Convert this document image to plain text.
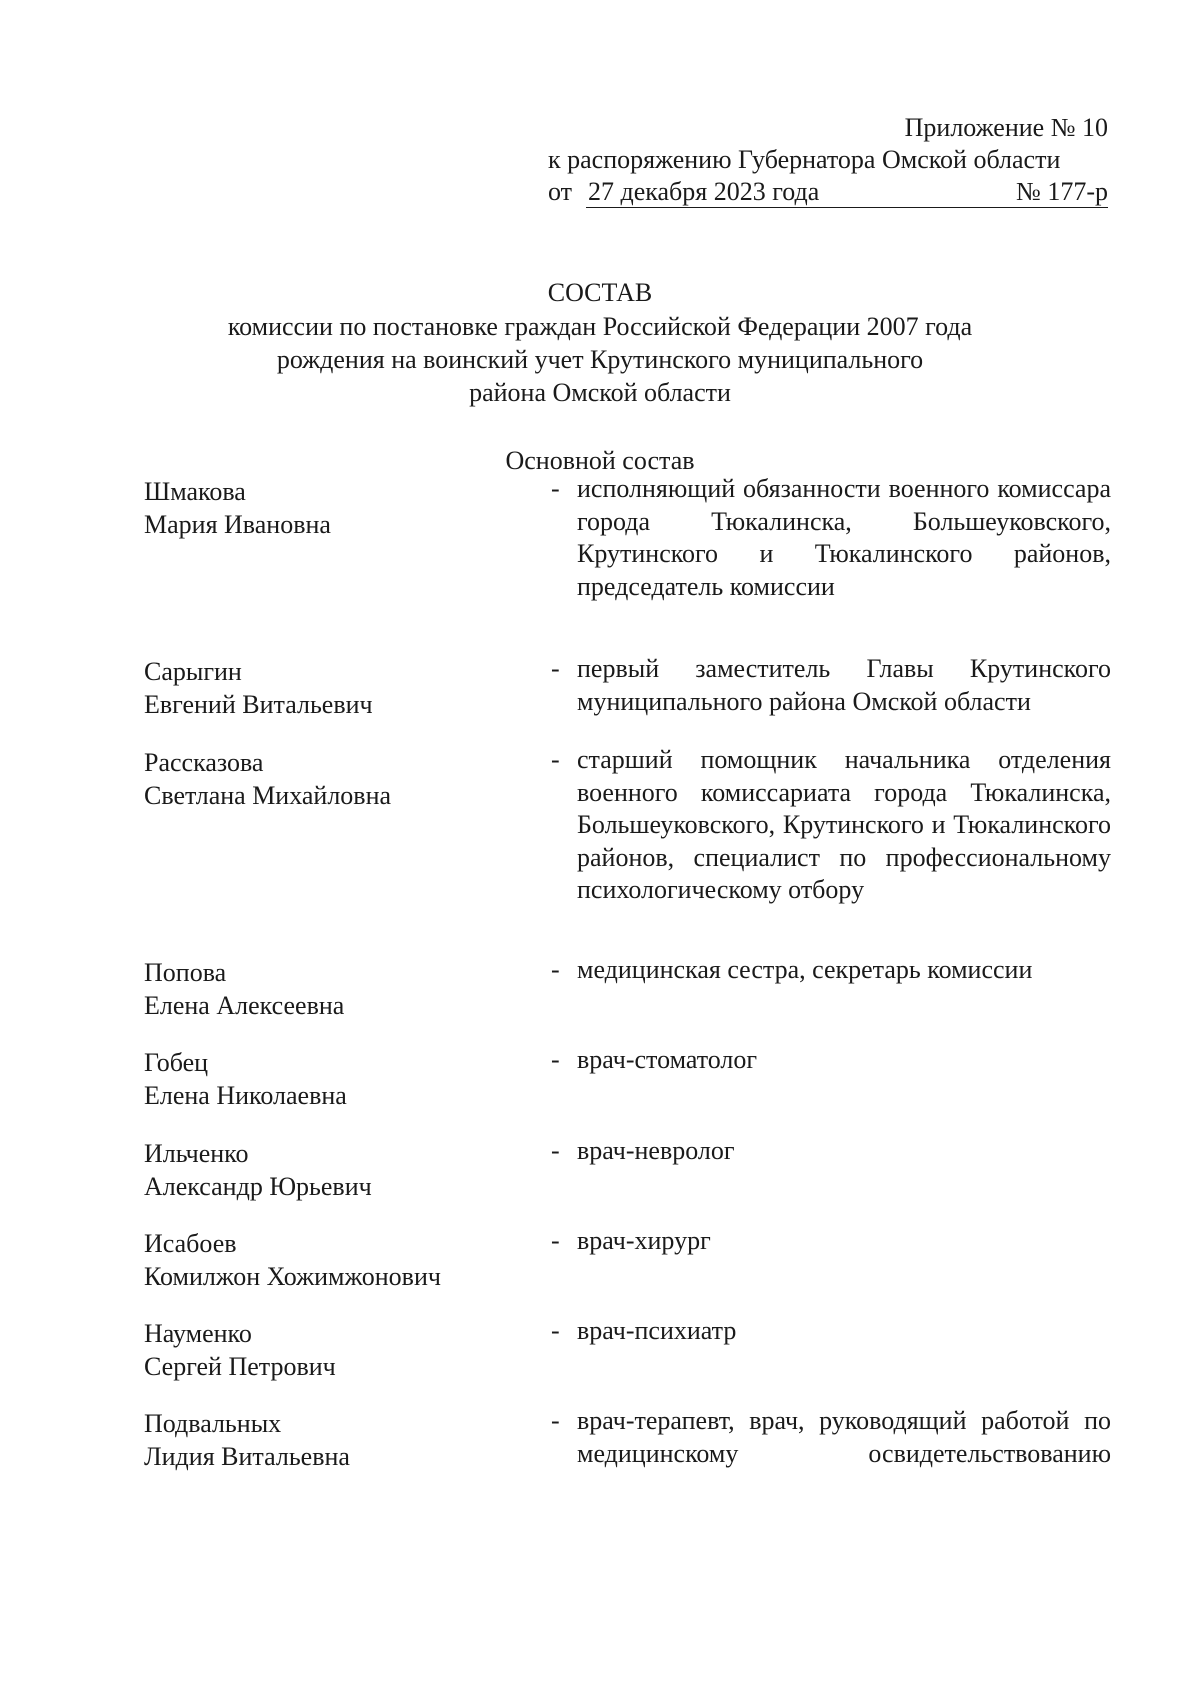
Приложение № 10
к распоряжению Губернатора Омской области
от 27 декабря 2023 года	№ 177-р
СОСТАВ
комиссии по постановке граждан Российской Федерации 2007 года
рождения на воинский учет Крутинского муниципального
района Омской области
Основной состав
Шмакова
Мария Ивановна
- исполняющий обязанности военного комиссара города Тюкалинска, Большеуковского, Крутинского и Тюкалинского районов, председатель комиссии
Сарыгин
Евгений Витальевич
- первый заместитель Главы Крутинского муниципального района Омской области
Рассказова
Светлана Михайловна
- старший помощник начальника отделения военного комиссариата города Тюкалинска, Большеуковского, Крутинского и Тюкалинского районов, специалист по профессиональному психологическому отбору
Попова
Елена Алексеевна
- медицинская сестра, секретарь комиссии
Гобец
Елена Николаевна
- врач-стоматолог
Ильченко
Александр Юрьевич
- врач-невролог
Исабоев
Комилжон Хожимжонович
- врач-хирург
Науменко
Сергей Петрович
- врач-психиатр
Подвальных
Лидия Витальевна
- врач-терапевт, врач, руководящий работой по медицинскому освидетельствованию
